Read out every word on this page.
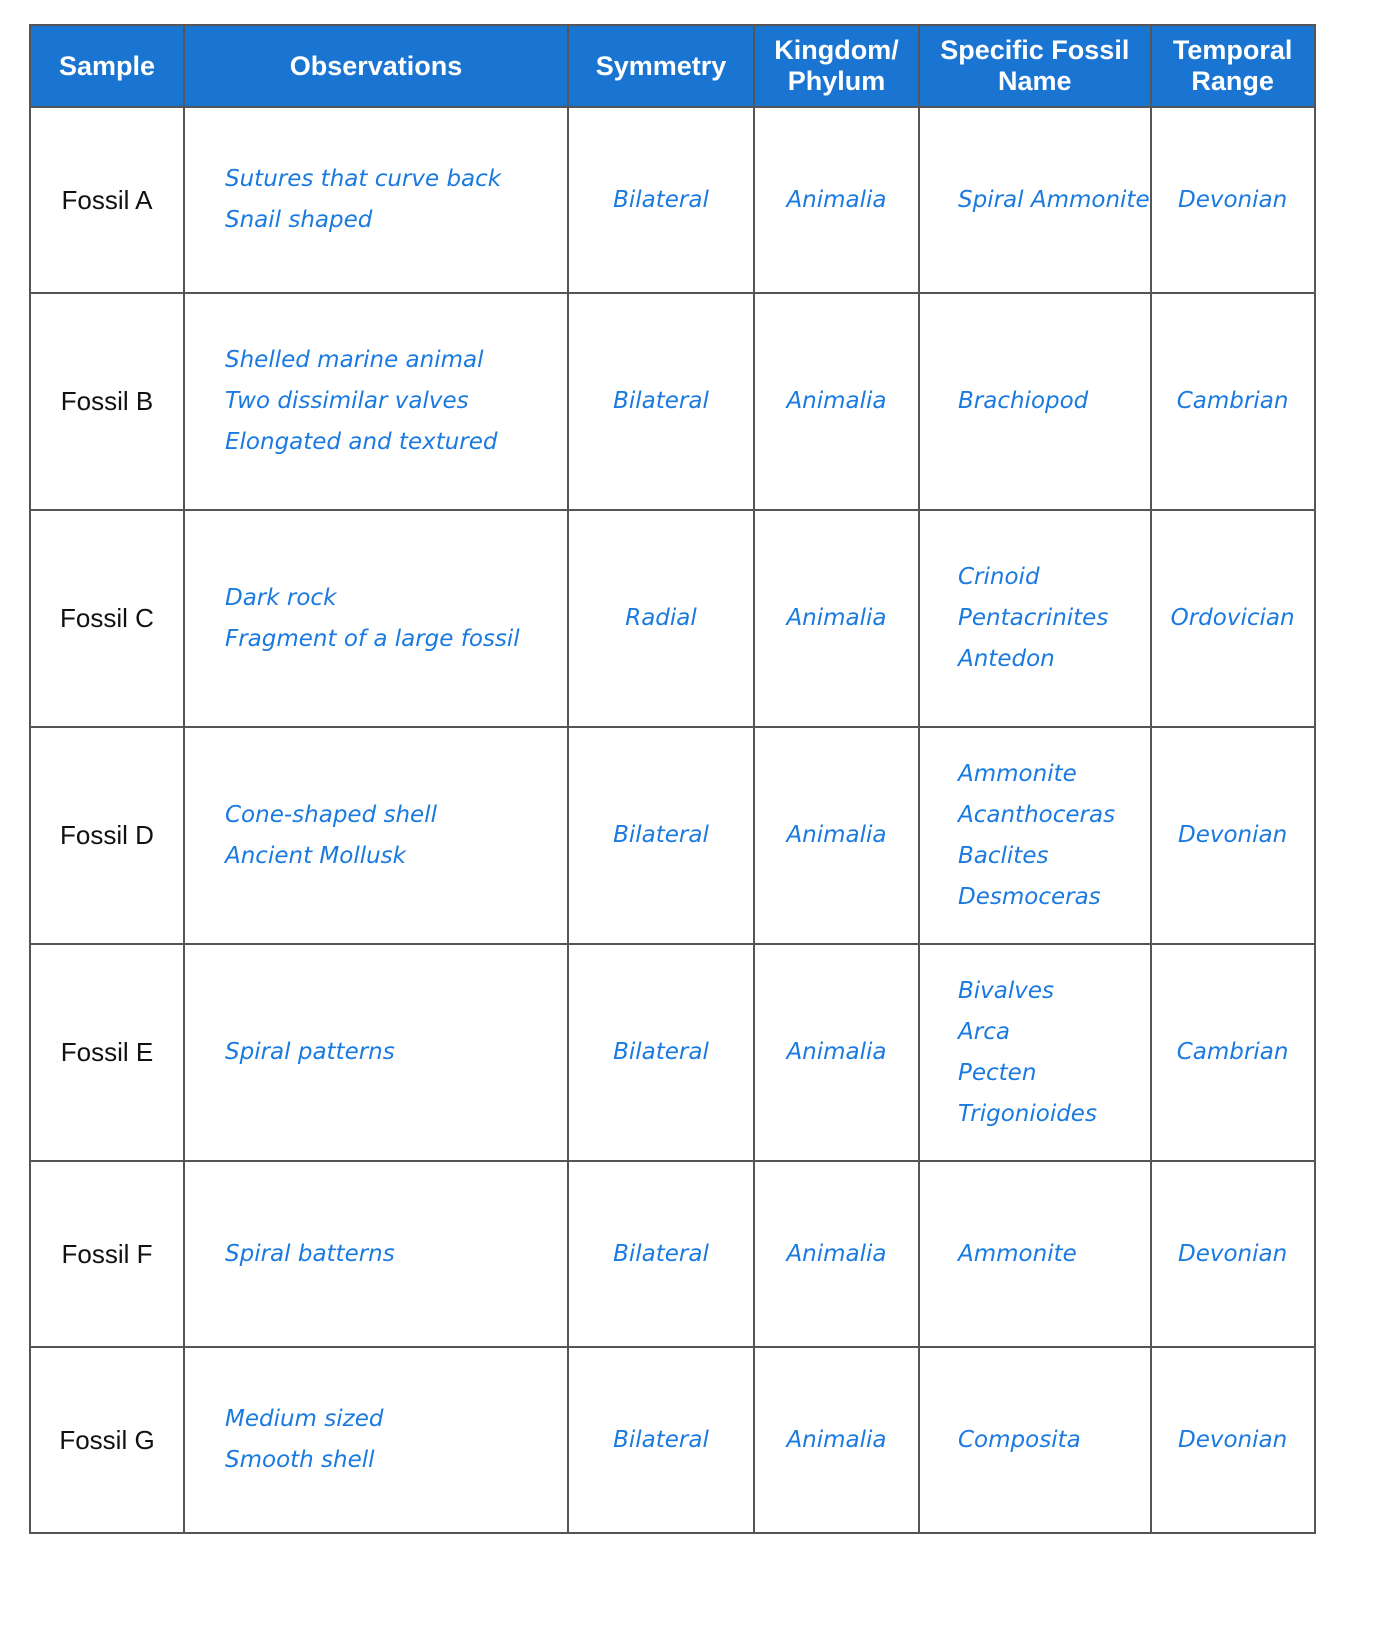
Sample	Observations	Symmetry	Kingdom/
Phylum	Specific Fossil
Name	Temporal
Range
Fossil A	Sutures that curve back
Snail shaped	Bilateral	Animalia	Spiral Ammonite	Devonian

Fossil B	Shelled marine animal
Two dissimilar valves
Elongated and textured	Bilateral	Animalia	Brachiopod	Cambrian

Fossil C	Dark rock
Fragment of a large fossil	Radial	Animalia	Crinoid
Pentacrinites
Antedon	Ordovician

Fossil D	Cone-shaped shell
Ancient Mollusk	Bilateral	Animalia	Ammonite
Acanthoceras
Baclites
Desmoceras	Devonian

Fossil E	Spiral patterns	Bilateral	Animalia	Bivalves
Arca
Pecten
Trigonioides	Cambrian

Fossil F	Spiral batterns	Bilateral	Animalia	Ammonite	Devonian

Fossil G	Medium sized
Smooth shell	Bilateral	Animalia	Composita	Devonian
